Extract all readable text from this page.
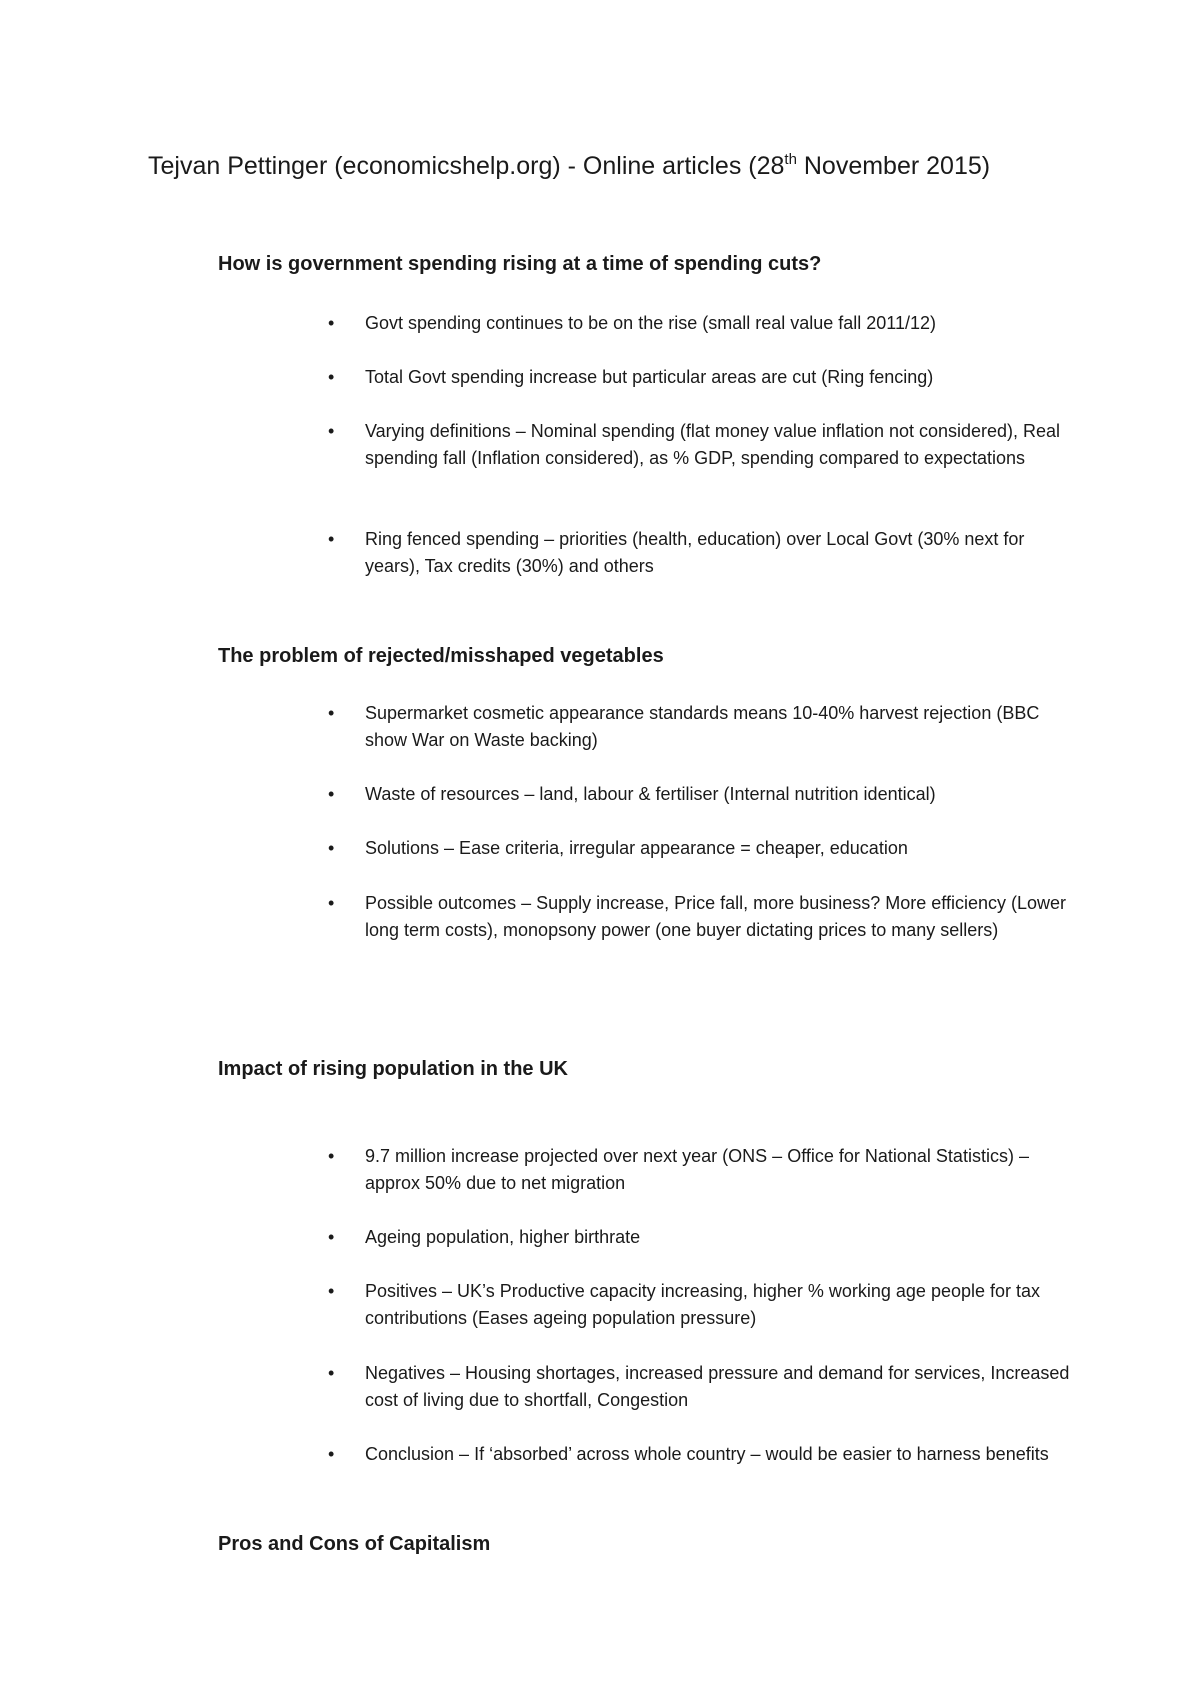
Tejvan Pettinger (economicshelp.org) - Online articles (28th November 2015)
How is government spending rising at a time of spending cuts?
•	Govt spending continues to be on the rise (small real value fall 2011/12)
•	Total Govt spending increase but particular areas are cut (Ring fencing)
•	Varying definitions – Nominal spending (flat money value inflation not considered), Real spending fall (Inflation considered), as % GDP, spending compared to expectations
•	Ring fenced spending – priorities (health, education) over Local Govt (30% next for years), Tax credits (30%) and others
The problem of rejected/misshaped vegetables
•	Supermarket cosmetic appearance standards means 10-40% harvest rejection (BBC show War on Waste backing)
•	Waste of resources – land, labour & fertiliser (Internal nutrition identical)
•	Solutions – Ease criteria, irregular appearance = cheaper, education
•	Possible outcomes – Supply increase, Price fall, more business? More efficiency (Lower long term costs), monopsony power (one buyer dictating prices to many sellers)
Impact of rising population in the UK
•	9.7 million increase projected over next year (ONS – Office for National Statistics) – approx 50% due to net migration
•	Ageing population, higher birthrate
•	Positives – UK’s Productive capacity increasing, higher % working age people for tax contributions (Eases ageing population pressure)
•	Negatives – Housing shortages, increased pressure and demand for services, Increased cost of living due to shortfall, Congestion
•	Conclusion – If ‘absorbed’ across whole country – would be easier to harness benefits
Pros and Cons of Capitalism
